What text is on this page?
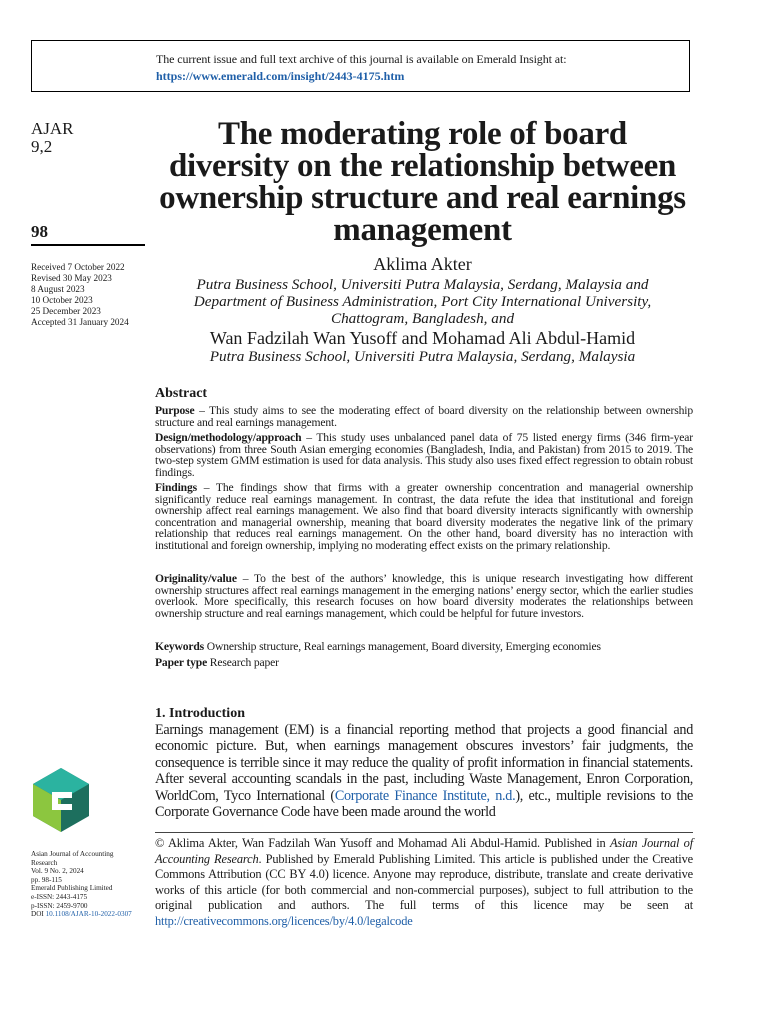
The current issue and full text archive of this journal is available on Emerald Insight at:
https://www.emerald.com/insight/2443-4175.htm
AJAR
9,2
98
Received 7 October 2022
Revised 30 May 2023
8 August 2023
10 October 2023
25 December 2023
Accepted 31 January 2024
Asian Journal of Accounting
Research
Vol. 9 No. 2, 2024
pp. 98-115
Emerald Publishing Limited
e-ISSN: 2443-4175
p-ISSN: 2459-9700
DOI 10.1108/AJAR-10-2022-0307
The moderating role of board diversity on the relationship between ownership structure and real earnings management
Aklima Akter
Putra Business School, Universiti Putra Malaysia, Serdang, Malaysia and
Department of Business Administration, Port City International University,
Chattogram, Bangladesh, and
Wan Fadzilah Wan Yusoff and Mohamad Ali Abdul-Hamid
Putra Business School, Universiti Putra Malaysia, Serdang, Malaysia
Abstract
Purpose – This study aims to see the moderating effect of board diversity on the relationship between ownership structure and real earnings management.
Design/methodology/approach – This study uses unbalanced panel data of 75 listed energy firms (346 firm-year observations) from three South Asian emerging economies (Bangladesh, India, and Pakistan) from 2015 to 2019. The two-step system GMM estimation is used for data analysis. This study also uses fixed effect regression to obtain robust findings.
Findings – The findings show that firms with a greater ownership concentration and managerial ownership significantly reduce real earnings management. In contrast, the data refute the idea that institutional and foreign ownership affect real earnings management. We also find that board diversity interacts significantly with ownership concentration and managerial ownership, meaning that board diversity moderates the negative link of the primary relationship that reduces real earnings management. On the other hand, board diversity has no interaction with institutional and foreign ownership, implying no moderating effect exists on the primary relationship.
Originality/value – To the best of the authors’ knowledge, this is unique research investigating how different ownership structures affect real earnings management in the emerging nations’ energy sector, which the earlier studies overlook. More specifically, this research focuses on how board diversity moderates the relationships between ownership structure and real earnings management, which could be helpful for future investors.
Keywords Ownership structure, Real earnings management, Board diversity, Emerging economies
Paper type Research paper
1. Introduction
Earnings management (EM) is a financial reporting method that projects a good financial and economic picture. But, when earnings management obscures investors’ fair judgments, the consequence is terrible since it may reduce the quality of profit information in financial statements. After several accounting scandals in the past, including Waste Management, Enron Corporation, WorldCom, Tyco International (Corporate Finance Institute, n.d.), etc., multiple revisions to the Corporate Governance Code have been made around the world
© Aklima Akter, Wan Fadzilah Wan Yusoff and Mohamad Ali Abdul-Hamid. Published in Asian Journal of Accounting Research. Published by Emerald Publishing Limited. This article is published under the Creative Commons Attribution (CC BY 4.0) licence. Anyone may reproduce, distribute, translate and create derivative works of this article (for both commercial and non-commercial purposes), subject to full attribution to the original publication and authors. The full terms of this licence may be seen at http://creativecommons.org/licences/by/4.0/legalcode
